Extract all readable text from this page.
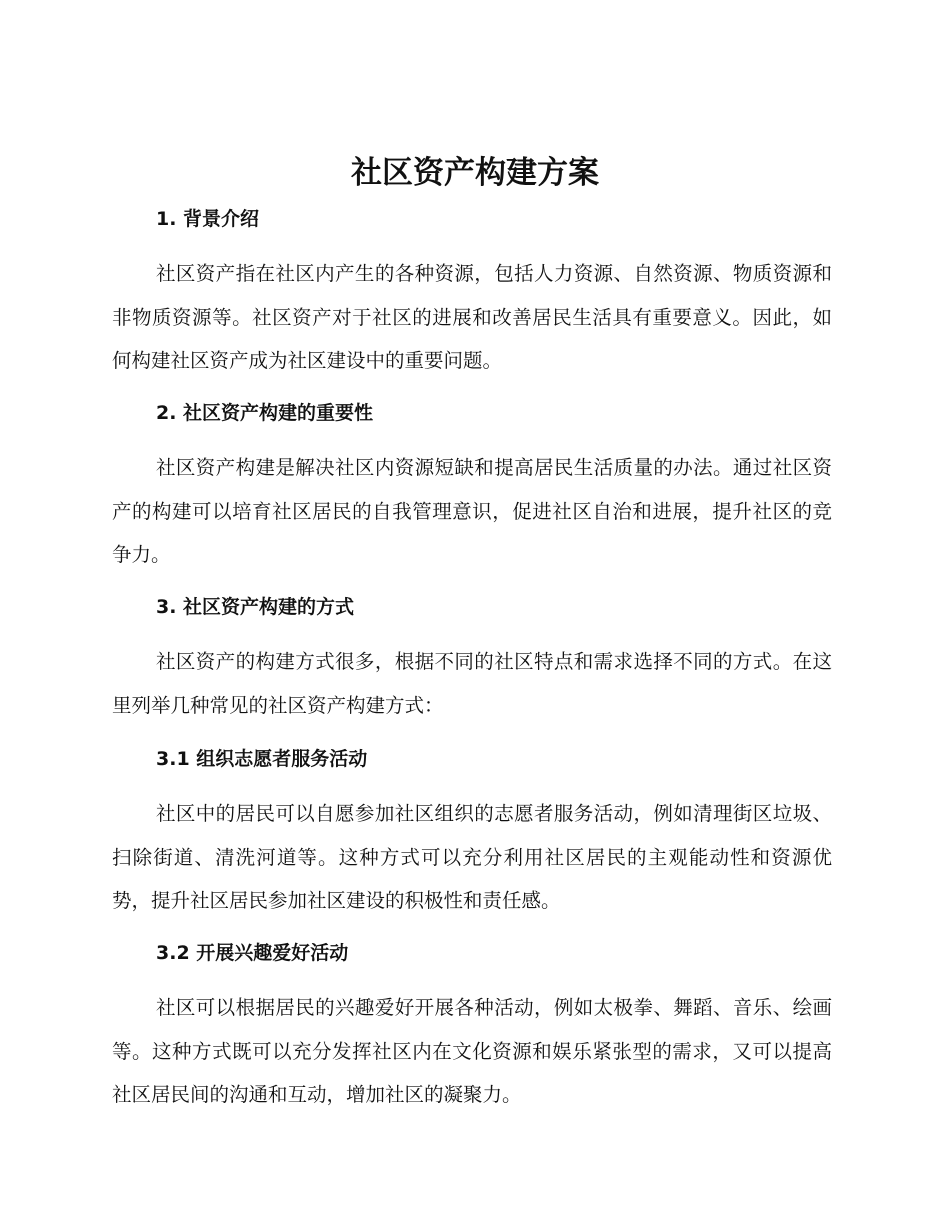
社区资产构建方案
1. 背景介绍

社区资产指在社区内产生的各种资源，包括人力资源、自然资源、物质资源和非物质资源等。社区资产对于社区的进展和改善居民生活具有重要意义。因此，如何构建社区资产成为社区建设中的重要问题。

2. 社区资产构建的重要性

社区资产构建是解决社区内资源短缺和提高居民生活质量的办法。通过社区资产的构建可以培育社区居民的自我管理意识，促进社区自治和进展，提升社区的竞争力。

3. 社区资产构建的方式

社区资产的构建方式很多，根据不同的社区特点和需求选择不同的方式。在这里列举几种常见的社区资产构建方式：

3.1 组织志愿者服务活动

社区中的居民可以自愿参加社区组织的志愿者服务活动，例如清理街区垃圾、扫除街道、清洗河道等。这种方式可以充分利用社区居民的主观能动性和资源优势，提升社区居民参加社区建设的积极性和责任感。

3.2 开展兴趣爱好活动

社区可以根据居民的兴趣爱好开展各种活动，例如太极拳、舞蹈、音乐、绘画等。这种方式既可以充分发挥社区内在文化资源和娱乐紧张型的需求，又可以提高社区居民间的沟通和互动，增加社区的凝聚力。
